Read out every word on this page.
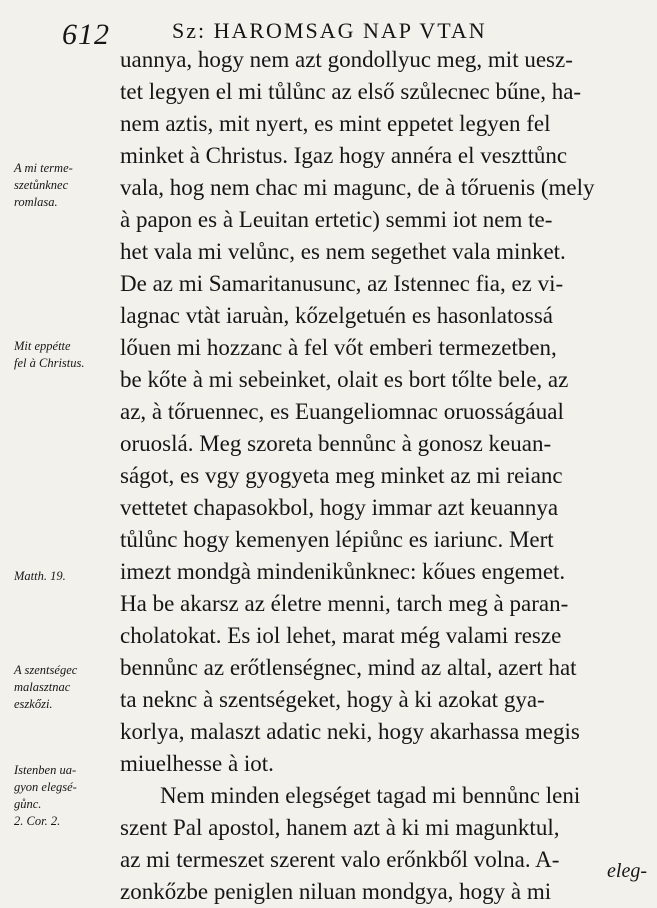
612	Sz: HAROMSAG NAP VTAN
uannya, hogy nem azt gondollyuc meg, mit uesz-
tet legyen el mi tůlůnc az első szůlecnec bűne, ha-
nem aztis, mit nyert, es mint eppetet legyen fel
minket à Christus. Igaz hogy annéra el veszttůnc
vala, hog nem chac mi magunc, de à tőruenis (mely
à papon es à Leuitan ertetic) semmi iot nem te-
het vala mi velůnc, es nem segethet vala minket.
De az mi Samaritanusunc, az Istennec fia, ez vi-
lagnac vtàt iaruàn, kőzelgetuén es hasonlatossá
lőuen mi hozzanc à fel vőt emberi termezetben,
be kőte à mi sebeinket, olait es bort tőlte bele, az
az, à tőruennec, es Euangeliomnac oruosságáual
oruoslá. Meg szoreta bennůnc à gonosz keuan-
ságot, es vgy gyogyeta meg minket az mi reianc
vettetet chapasokbol, hogy immar azt keuannya
tůlůnc hogy kemenyen lépiůnc es iariunc. Mert
imezt mondgà mindenikůnknec: kőues engemet.
Ha be akarsz az életre menni, tarch meg à paran-
cholatokat. Es iol lehet, marat még valami resze
bennůnc az erőtlenségnec, mind az altal, azert hat
ta neknc à szentségeket, hogy à ki azokat gya-
korlya, malaszt adatic neki, hogy akarhassa megis
miuelhesse à iot.
Nem minden elegséget tagad mi bennůnc leni
szent Pal apostol, hanem azt à ki mi magunktul,
az mi termeszet szerent valo erőnkből volna. A-
zonkőzbe peniglen niluan mondgya, hogy à mi
A mi terme-
szetůnknec
romlasa.
Mit eppétte
fel à Christus.
Matth. 19.
A szentségec
malasztnac
eszkőzi.
Istenben ua-
gyon elegsé-
gůnc.
2. Cor. 2.
eleg-
